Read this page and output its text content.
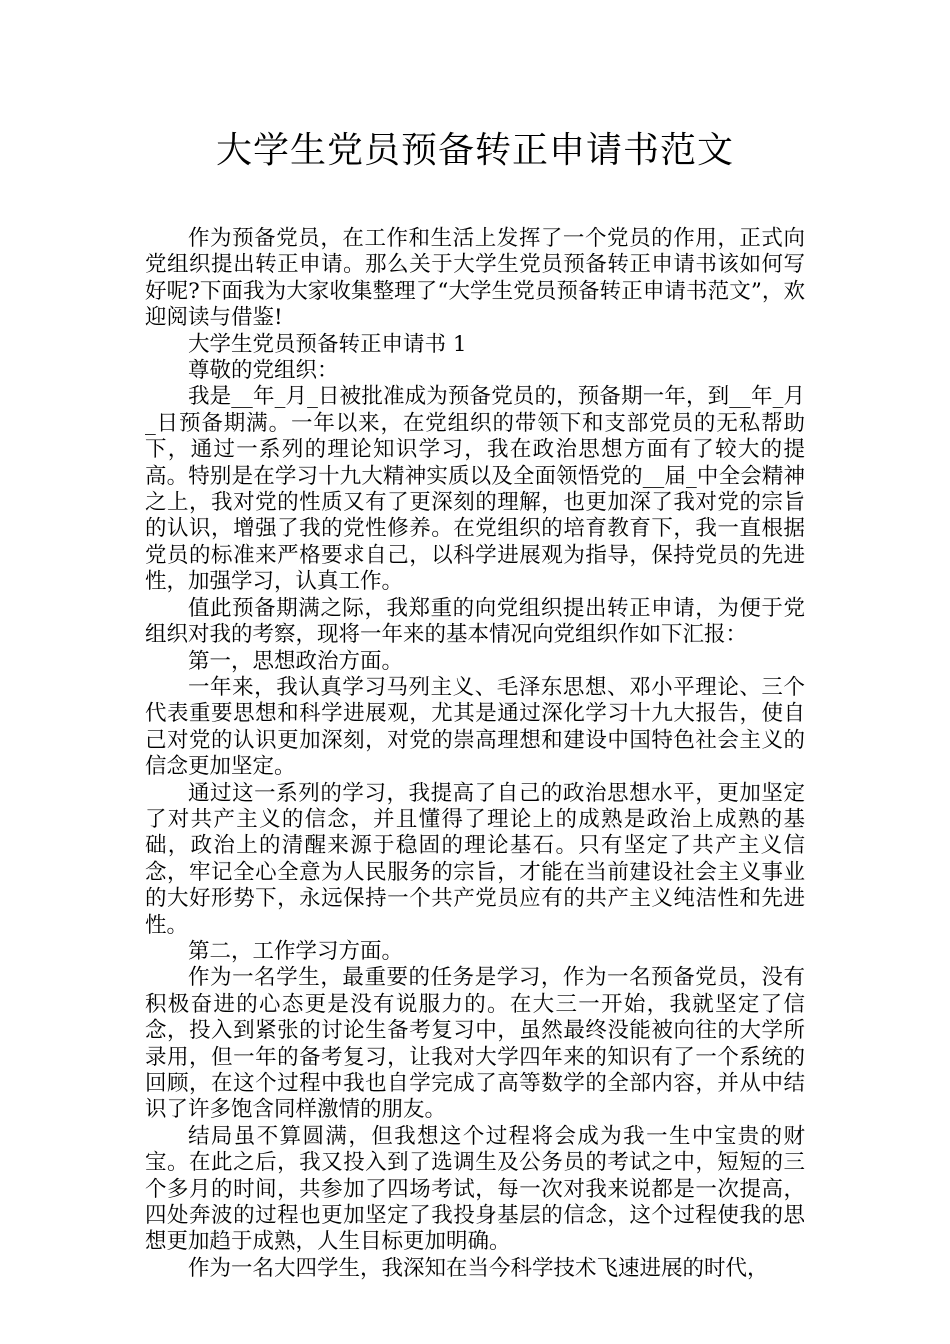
大学生党员预备转正申请书范文

作为预备党员，在工作和生活上发挥了一个党员的作用，正式向党组织提出转正申请。那么关于大学生党员预备转正申请书该如何写好呢?下面我为大家收集整理了“大学生党员预备转正申请书范文”，欢迎阅读与借鉴!

大学生党员预备转正申请书 1

尊敬的党组织：

我是__年_月_日被批准成为预备党员的，预备期一年，到__年_月_日预备期满。一年以来，在党组织的带领下和支部党员的无私帮助下，通过一系列的理论知识学习，我在政治思想方面有了较大的提高。特别是在学习十九大精神实质以及全面领悟党的__届_中全会精神之上，我对党的性质又有了更深刻的理解，也更加深了我对党的宗旨的认识，增强了我的党性修养。在党组织的培育教育下，我一直根据党员的标准来严格要求自己，以科学进展观为指导，保持党员的先进性，加强学习，认真工作。

值此预备期满之际，我郑重的向党组织提出转正申请，为便于党组织对我的考察，现将一年来的基本情况向党组织作如下汇报：

第一，思想政治方面。

一年来，我认真学习马列主义、毛泽东思想、邓小平理论、三个代表重要思想和科学进展观，尤其是通过深化学习十九大报告，使自己对党的认识更加深刻，对党的崇高理想和建设中国特色社会主义的信念更加坚定。

通过这一系列的学习，我提高了自己的政治思想水平，更加坚定了对共产主义的信念，并且懂得了理论上的成熟是政治上成熟的基础，政治上的清醒来源于稳固的理论基石。只有坚定了共产主义信念，牢记全心全意为人民服务的宗旨，才能在当前建设社会主义事业的大好形势下，永远保持一个共产党员应有的共产主义纯洁性和先进性。

第二，工作学习方面。

作为一名学生，最重要的任务是学习，作为一名预备党员，没有积极奋进的心态更是没有说服力的。在大三一开始，我就坚定了信念，投入到紧张的讨论生备考复习中，虽然最终没能被向往的大学所录用，但一年的备考复习，让我对大学四年来的知识有了一个系统的回顾，在这个过程中我也自学完成了高等数学的全部内容，并从中结识了许多饱含同样激情的朋友。

结局虽不算圆满，但我想这个过程将会成为我一生中宝贵的财宝。在此之后，我又投入到了选调生及公务员的考试之中，短短的三个多月的时间，共参加了四场考试，每一次对我来说都是一次提高，四处奔波的过程也更加坚定了我投身基层的信念，这个过程使我的思想更加趋于成熟，人生目标更加明确。

作为一名大四学生，我深知在当今科学技术飞速进展的时代，
